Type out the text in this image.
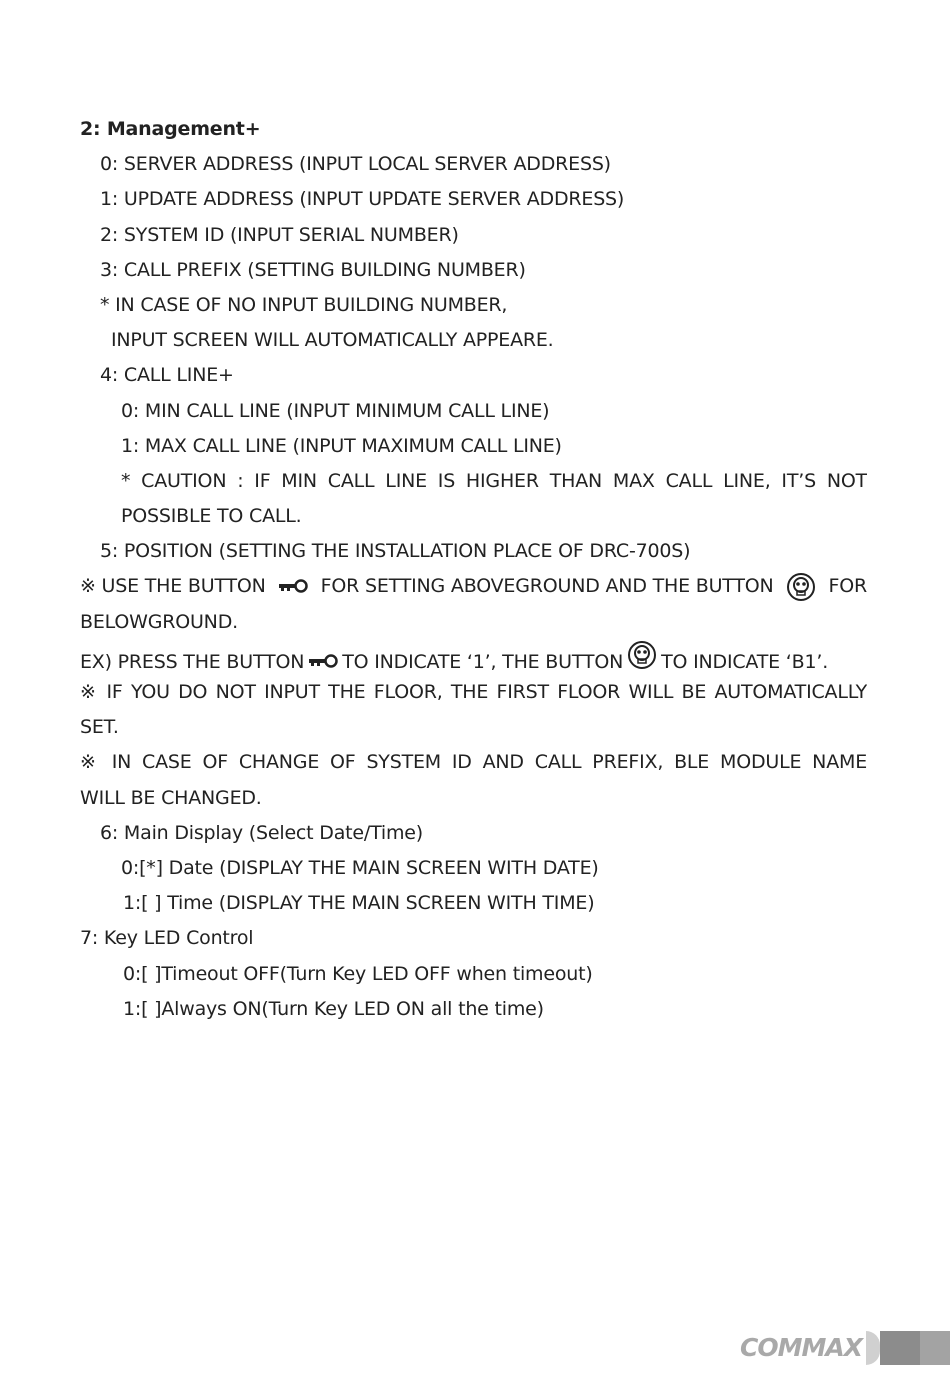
2: Management+
0: SERVER ADDRESS (INPUT LOCAL SERVER ADDRESS)
1: UPDATE ADDRESS (INPUT UPDATE SERVER ADDRESS)
2: SYSTEM ID (INPUT SERIAL NUMBER)
3: CALL PREFIX (SETTING BUILDING NUMBER)
* IN CASE OF NO INPUT BUILDING NUMBER,
INPUT SCREEN WILL AUTOMATICALLY APPEARE.
4: CALL LINE+
0: MIN CALL LINE (INPUT MINIMUM CALL LINE)
1: MAX CALL LINE (INPUT MAXIMUM CALL LINE)
* CAUTION : IF MIN CALL LINE IS HIGHER THAN MAX CALL LINE, IT’S NOT
POSSIBLE TO CALL.
5: POSITION (SETTING THE INSTALLATION PLACE OF DRC-700S)
※ USE THE BUTTON	FOR SETTING ABOVEGROUND AND THE BUTTON	FOR
BELOWGROUND.
EX) PRESS THE BUTTON TO INDICATE ‘1’, THE BUTTON TO INDICATE ‘B1’.
※ IF YOU DO NOT INPUT THE FLOOR, THE FIRST FLOOR WILL BE AUTOMATICALLY
SET.
※ IN CASE OF CHANGE OF SYSTEM ID AND CALL PREFIX, BLE MODULE NAME
WILL BE CHANGED.
6: Main Display (Select Date/Time)
0:[*] Date (DISPLAY THE MAIN SCREEN WITH DATE)
1:[ ] Time (DISPLAY THE MAIN SCREEN WITH TIME)
7: Key LED Control
0:[ ]Timeout OFF(Turn Key LED OFF when timeout)
1:[ ]Always ON(Turn Key LED ON all the time)
COMMAX
